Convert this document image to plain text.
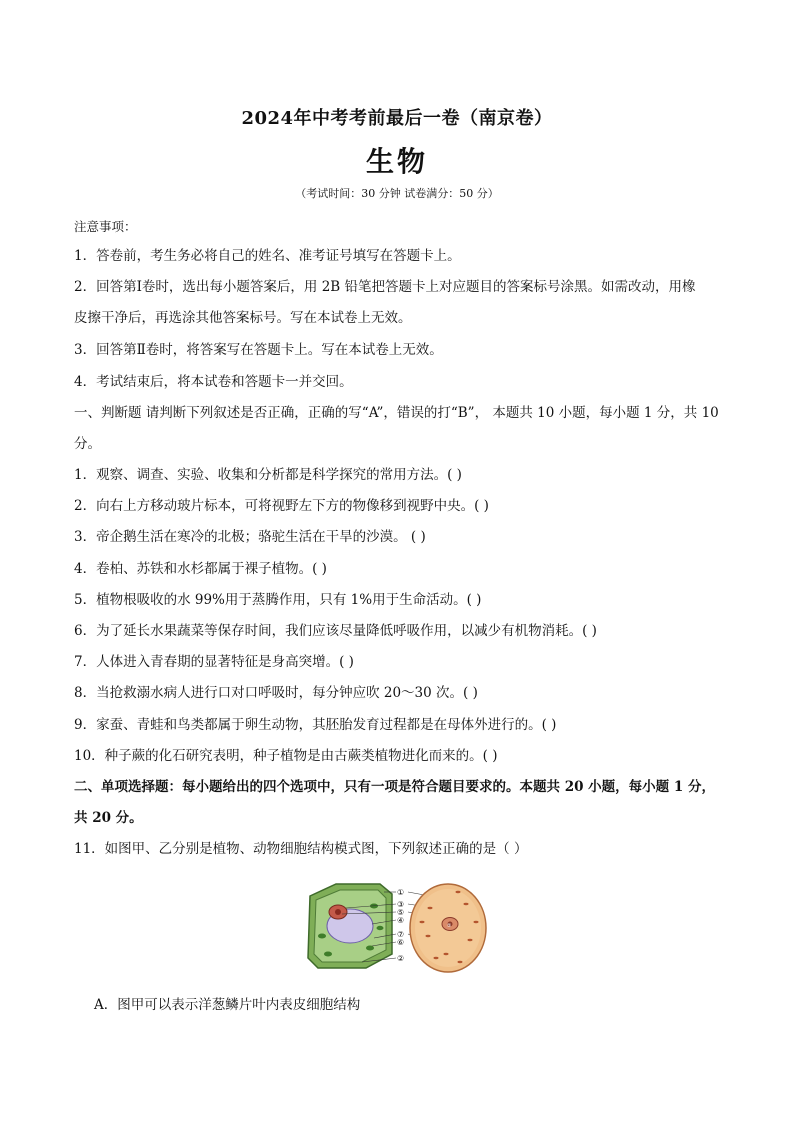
2024年中考考前最后一卷（南京卷）
生物
（考试时间：30 分钟 试卷满分：50 分）
注意事项：
1．答卷前，考生务必将自己的姓名、准考证号填写在答题卡上。
2．回答第Ⅰ卷时，选出每小题答案后，用 2B 铅笔把答题卡上对应题目的答案标号涂黑。如需改动，用橡
皮擦干净后，再选涂其他答案标号。写在本试卷上无效。
3．回答第Ⅱ卷时，将答案写在答题卡上。写在本试卷上无效。
4．考试结束后，将本试卷和答题卡一并交回。
一、判断题 请判断下列叙述是否正确，正确的写“A”，错误的打“B”， 本题共 10 小题，每小题 1 分，共 10
分。
1．观察、调查、实验、收集和分析都是科学探究的常用方法。( )
2．向右上方移动玻片标本，可将视野左下方的物像移到视野中央。( )
3．帝企鹅生活在寒冷的北极；骆驼生活在干旱的沙漠。 ( )
4．卷柏、苏铁和水杉都属于裸子植物。( )
5．植物根吸收的水 99%用于蒸腾作用，只有 1%用于生命活动。( )
6．为了延长水果蔬菜等保存时间，我们应该尽量降低呼吸作用，以减少有机物消耗。( )
7．人体进入青春期的显著特征是身高突增。( )
8．当抢救溺水病人进行口对口呼吸时，每分钟应吹 20～30 次。( )
9．家蚕、青蛙和鸟类都属于卵生动物，其胚胎发育过程都是在母体外进行的。( )
10．种子蕨的化石研究表明，种子植物是由古蕨类植物进化而来的。( )
二、单项选择题：每小题给出的四个选项中，只有一项是符合题目要求的。本题共 20 小题，每小题 1 分，
共 20 分。
11．如图甲、乙分别是植物、动物细胞结构模式图，下列叙述正确的是（ ）
①
③
⑤
④
⑦
⑥
②
⑤
A．图甲可以表示洋葱鳞片叶内表皮细胞结构
